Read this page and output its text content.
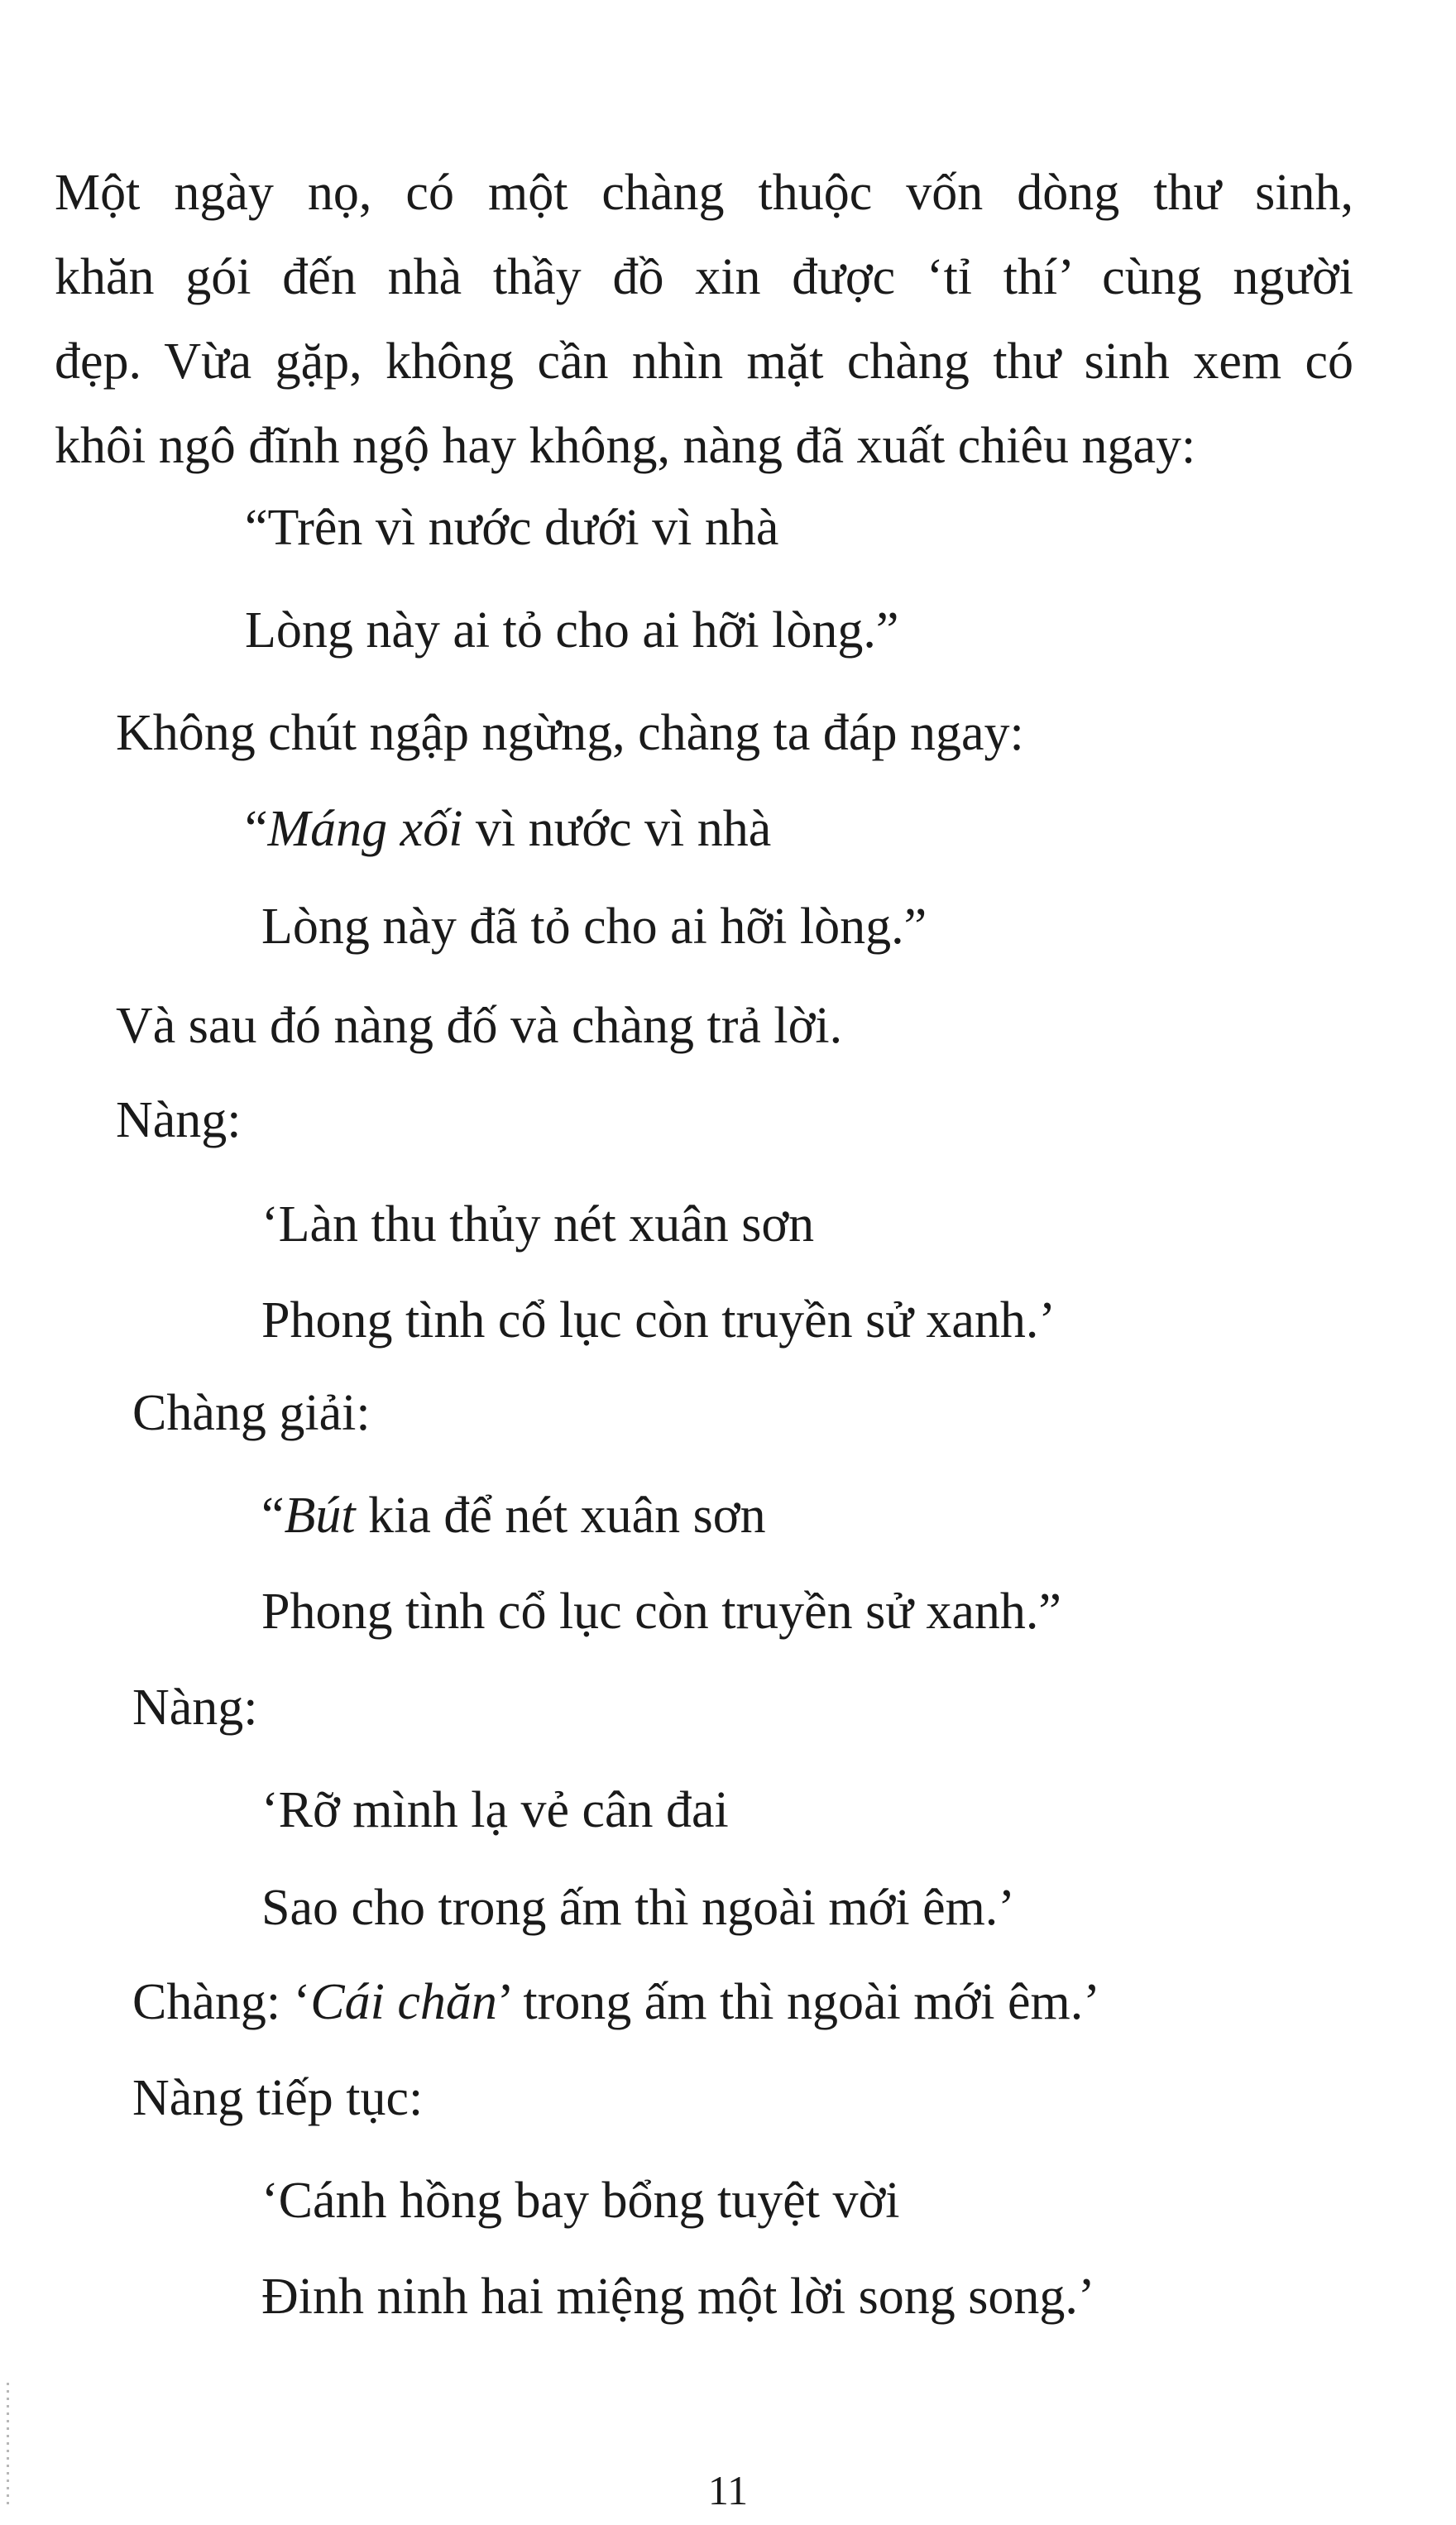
Một ngày nọ, có một chàng thuộc vốn dòng thư sinh,
khăn gói đến nhà thầy đồ xin được ‘tỉ thí’ cùng người
đẹp. Vừa gặp, không cần nhìn mặt chàng thư sinh xem có
khôi ngô đĩnh ngộ hay không, nàng đã xuất chiêu ngay:
“Trên vì nước dưới vì nhà
Lòng này ai tỏ cho ai hỡi lòng.”
Không chút ngập ngừng, chàng ta đáp ngay:
“Máng xối vì nước vì nhà
Lòng này đã tỏ cho ai hỡi lòng.”
Và sau đó nàng đố và chàng trả lời.
Nàng:
‘Làn thu thủy nét xuân sơn
Phong tình cổ lục còn truyền sử xanh.’
Chàng giải:
“Bút kia để nét xuân sơn
Phong tình cổ lục còn truyền sử xanh.”
Nàng:
‘Rỡ mình lạ vẻ cân đai
Sao cho trong ấm thì ngoài mới êm.’
Chàng: ‘Cái chăn’ trong ấm thì ngoài mới êm.’
Nàng tiếp tục:
‘Cánh hồng bay bổng tuyệt vời
Đinh ninh hai miệng một lời song song.’
11
